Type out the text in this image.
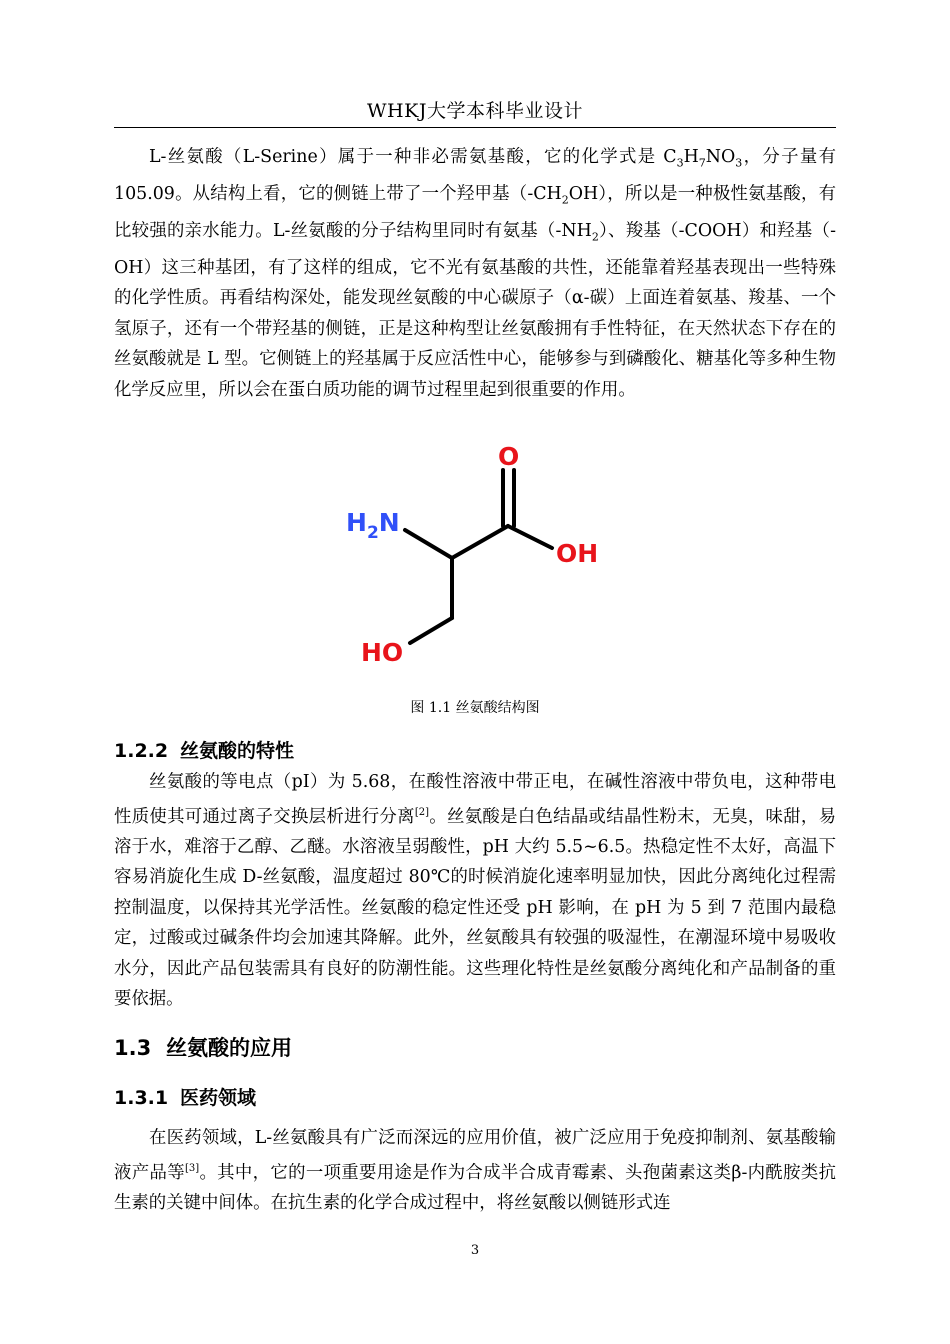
WHKJ大学本科毕业设计

L-丝氨酸（L-Serine）属于一种非必需氨基酸，它的化学式是 $C_3H_7NO_3$，分子量有105.09。从结构上看，它的侧链上带了一个羟甲基$(-CH_2OH)$，所以是一种极性氨基酸，有比较强的亲水能力。L-丝氨酸的分子结构里同时有氨基$(-NH_2)$、羧基（-COOH）和羟基（-OH）这三种基团，有了这样的组成，它不光有氨基酸的共性，还能靠着羟基表现出一些特殊的化学性质。再看结构深处，能发现丝氨酸的中心碳原子（α-碳）上面连着氨基、羧基、一个氢原子，还有一个带羟基的侧链，正是这种构型让丝氨酸拥有手性特征，在天然状态下存在的丝氨酸就是 L 型。它侧链上的羟基属于反应活性中心，能够参与到磷酸化、糖基化等多种生物化学反应里，所以会在蛋白质功能的调节过程里起到很重要的作用。

O
OH
$H_2N$
HO
图 1.1 丝氨酸结构图
1.2.2 丝氨酸的特性

丝氨酸的等电点（pI）为 5.68，在酸性溶液中带正电，在碱性溶液中带负电，这种带电性质使其可通过离子交换层析进行分离[2]。丝氨酸是白色结晶或结晶性粉末，无臭，味甜，易溶于水，难溶于乙醇、乙醚。水溶液呈弱酸性，pH 大约 5.5~6.5。热稳定性不太好，高温下容易消旋化生成 D-丝氨酸，温度超过 80℃的时候消旋化速率明显加快，因此分离纯化过程需控制温度，以保持其光学活性。丝氨酸的稳定性还受 pH 影响，在 pH 为 5 到 7 范围内最稳定，过酸或过碱条件均会加速其降解。此外，丝氨酸具有较强的吸湿性，在潮湿环境中易吸收水分，因此产品包装需具有良好的防潮性能。这些理化特性是丝氨酸分离纯化和产品制备的重要依据。

1.3 丝氨酸的应用
1.3.1 医药领域

在医药领域，L-丝氨酸具有广泛而深远的应用价值，被广泛应用于免疫抑制剂、氨基酸输液产品等[3]。其中，它的一项重要用途是作为合成半合成青霉素、头孢菌素这类β-内酰胺类抗生素的关键中间体。在抗生素的化学合成过程中，将丝氨酸以侧链形式连

3
